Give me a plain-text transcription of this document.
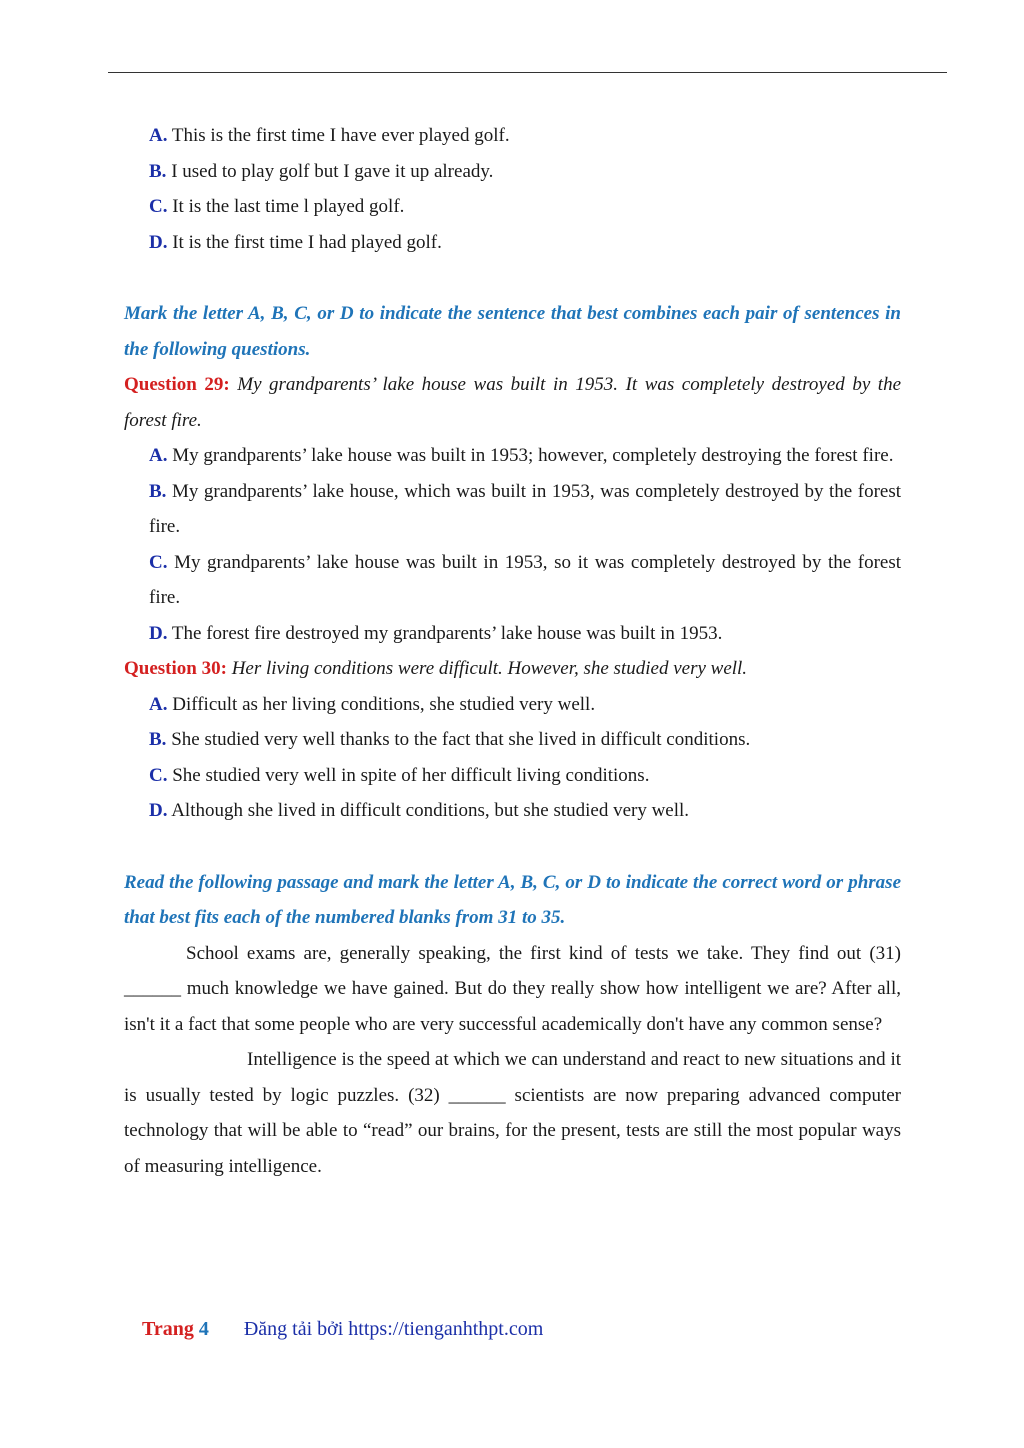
A. This is the first time I have ever played golf.
B. I used to play golf but I gave it up already.
C. It is the last time l played golf.
D. It is the first time I had played golf.
Mark the letter A, B, C, or D to indicate the sentence that best combines each pair of sentences in the following questions.
Question 29: My grandparents’ lake house was built in 1953. It was completely destroyed by the forest fire.
A. My grandparents’ lake house was built in 1953; however, completely destroying the forest fire.
B. My grandparents’ lake house, which was built in 1953, was completely destroyed by the forest fire.
C. My grandparents’ lake house was built in 1953, so it was completely destroyed by the forest fire.
D. The forest fire destroyed my grandparents’ lake house was built in 1953.
Question 30: Her living conditions were difficult. However, she studied very well.
A. Difficult as her living conditions, she studied very well.
B. She studied very well thanks to the fact that she lived in difficult conditions.
C. She studied very well in spite of her difficult living conditions.
D. Although she lived in difficult conditions, but she studied very well.
Read the following passage and mark the letter A, B, C, or D to indicate the correct word or phrase that best fits each of the numbered blanks from 31 to 35.
School exams are, generally speaking, the first kind of tests we take. They find out (31) ______ much knowledge we have gained. But do they really show how intelligent we are? After all, isn't it a fact that some people who are very successful academically don't have any common sense?
Intelligence is the speed at which we can understand and react to new situations and it is usually tested by logic puzzles. (32) ______ scientists are now preparing advanced computer technology that will be able to “read” our brains, for the present, tests are still the most popular ways of measuring intelligence.
Trang 4 Đăng tải bởi https://tienganhthpt.com
